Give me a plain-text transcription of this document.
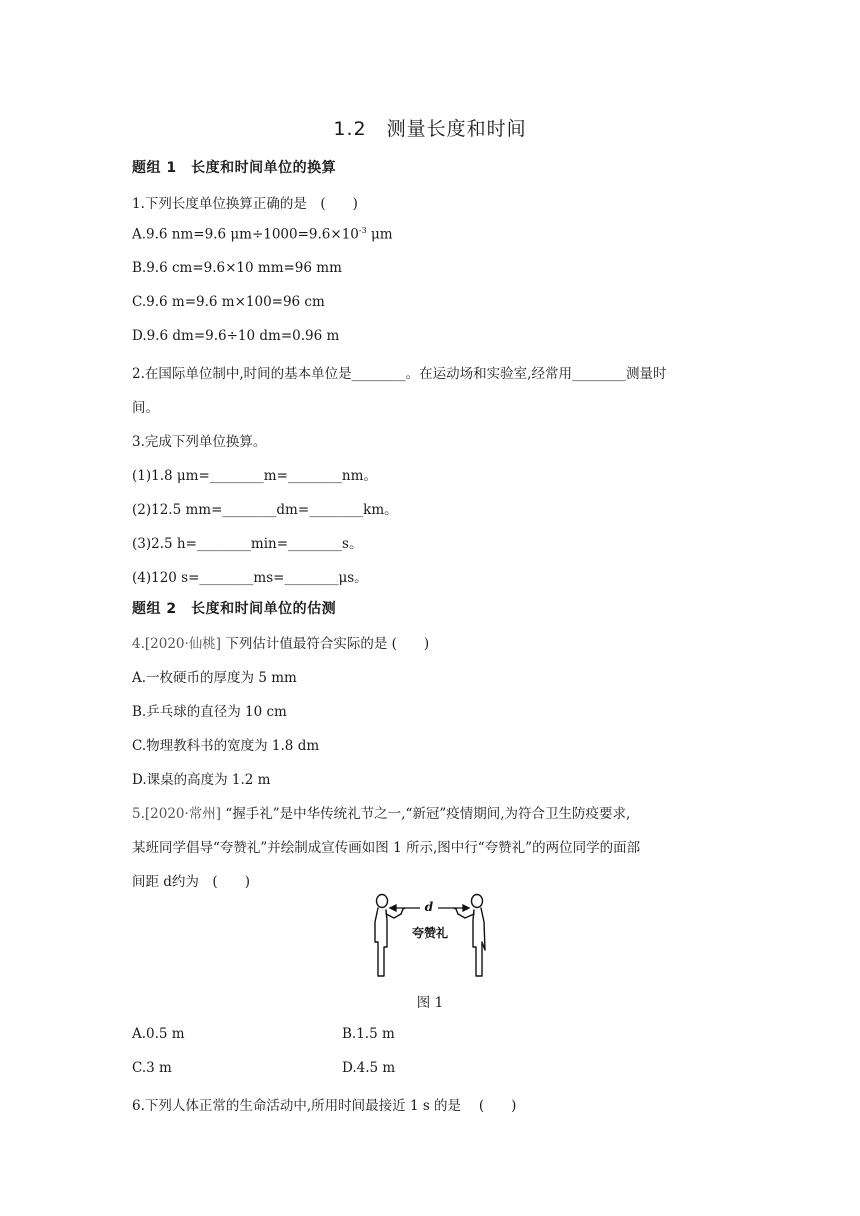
1.2　测量长度和时间
题组 1　长度和时间单位的换算
1.下列长度单位换算正确的是　(　　)
A.9.6 nm=9.6 $\mu m\div 1000=9.6\times 10^{-3}$ μm
B.9.6 cm=9.6×10 mm=96 mm
C.9.6 m=9.6 m×100=96 cm
D.9.6 dm=9.6÷10 dm=0.96 m
2.在国际单位制中,时间的基本单位是________。在运动场和实验室,经常用________测量时
间。
3.完成下列单位换算。
(1)1.8 μm=________m=________nm。
(2)12.5 mm=________dm=________km。
(3)2.5 h=________min=________s。
(4)120 s=________ms=________μs。
题组 2　长度和时间单位的估测
4.[2020·仙桃] 下列估计值最符合实际的是 (　　)
A.一枚硬币的厚度为 5 mm
B.乒乓球的直径为 10 cm
C.物理教科书的宽度为 1.8 dm
D.课桌的高度为 1.2 m
5.[2020·常州] “握手礼”是中华传统礼节之一,“新冠”疫情期间,为符合卫生防疫要求,
某班同学倡导“夸赞礼”并绘制成宣传画如图 1 所示,图中行“夸赞礼”的两位同学的面部
间距 d约为　(　　)
d
夸赞礼
图 1
A.0.5 m	B.1.5 m
C.3 m	D.4.5 m
6.下列人体正常的生命活动中,所用时间最接近 1 s 的是　 (　　)
